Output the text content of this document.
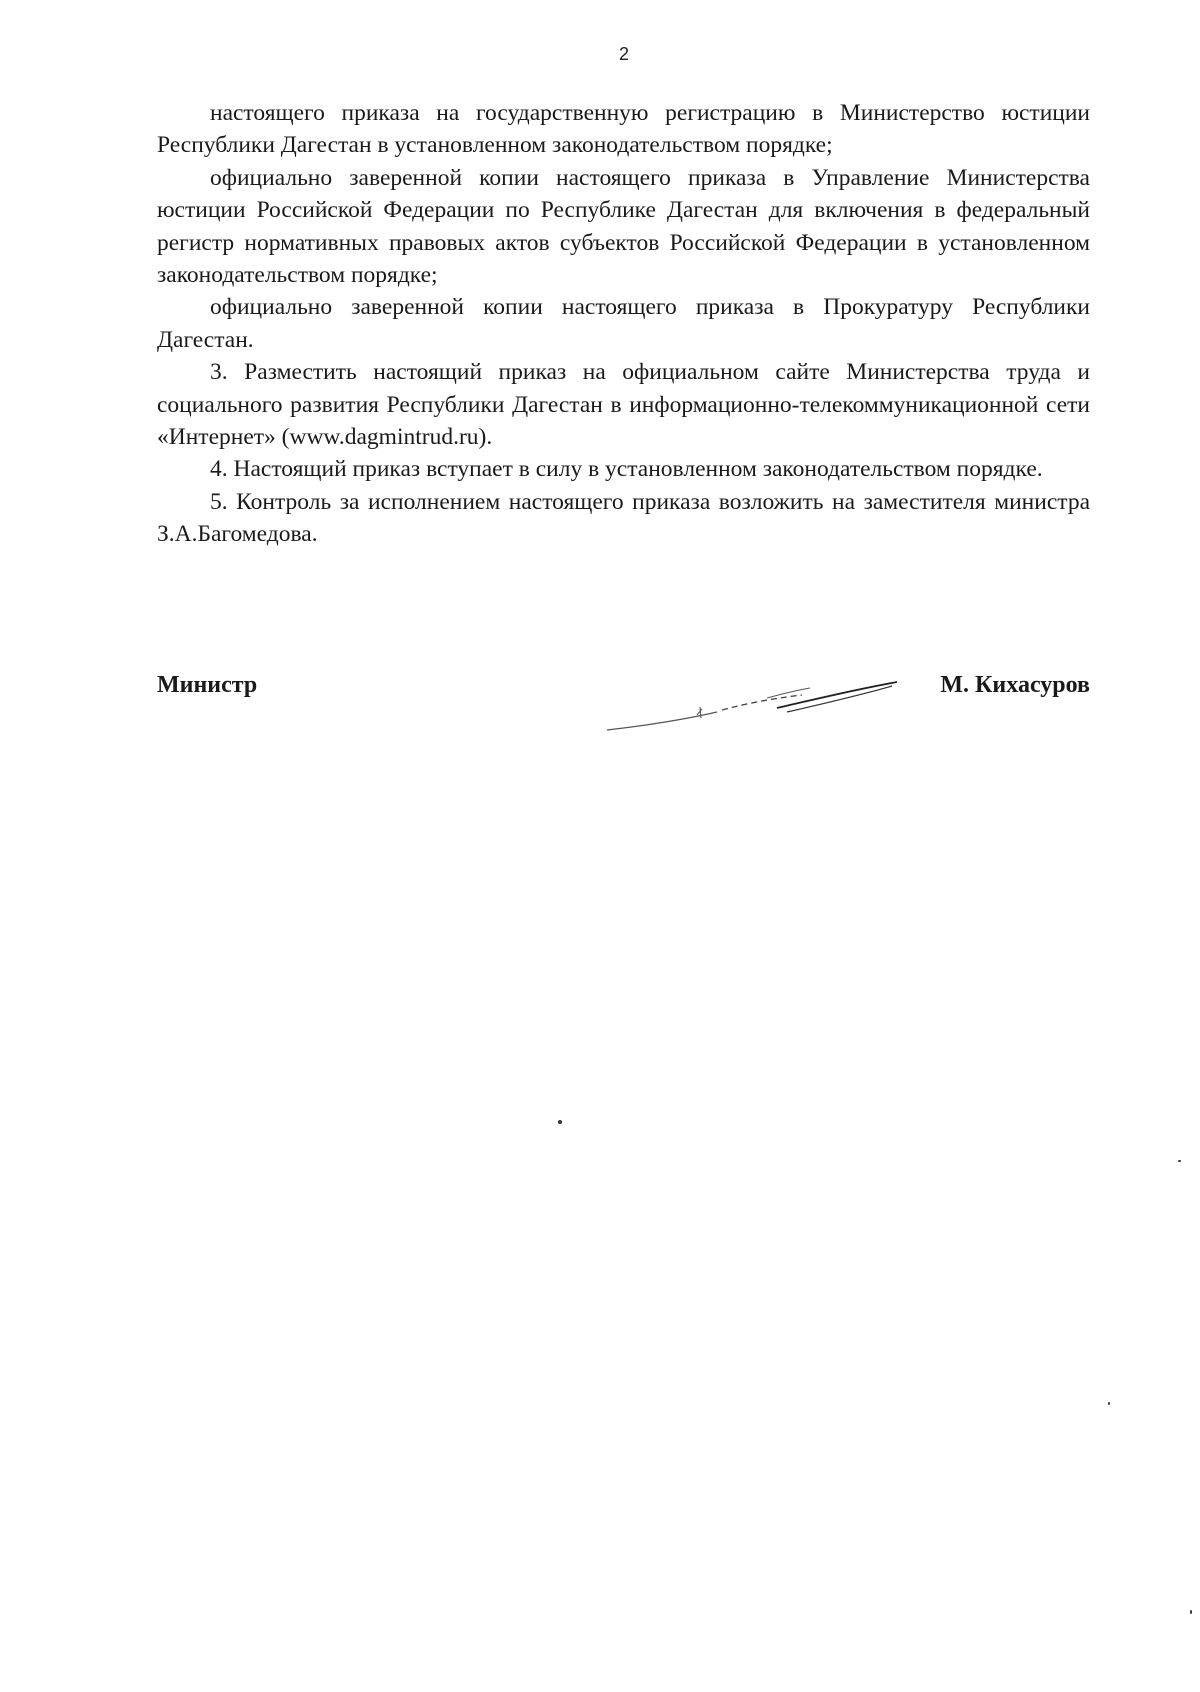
2

настоящего приказа на государственную регистрацию в Министерство юстиции Республики Дагестан в установленном законодательством порядке;

официально заверенной копии настоящего приказа в Управление Министерства юстиции Российской Федерации по Республике Дагестан для включения в федеральный регистр нормативных правовых актов субъектов Российской Федерации в установленном законодательством порядке;

официально заверенной копии настоящего приказа в Прокуратуру Республики Дагестан.

3. Разместить настоящий приказ на официальном сайте Министерства труда и социального развития Республики Дагестан в информационно-телекоммуникационной сети «Интернет» (www.dagmintrud.ru).

4. Настоящий приказ вступает в силу в установленном законодательством порядке.

5. Контроль за исполнением настоящего приказа возложить на заместителя министра З.А.Багомедова.

Министр	М. Кихасуров
